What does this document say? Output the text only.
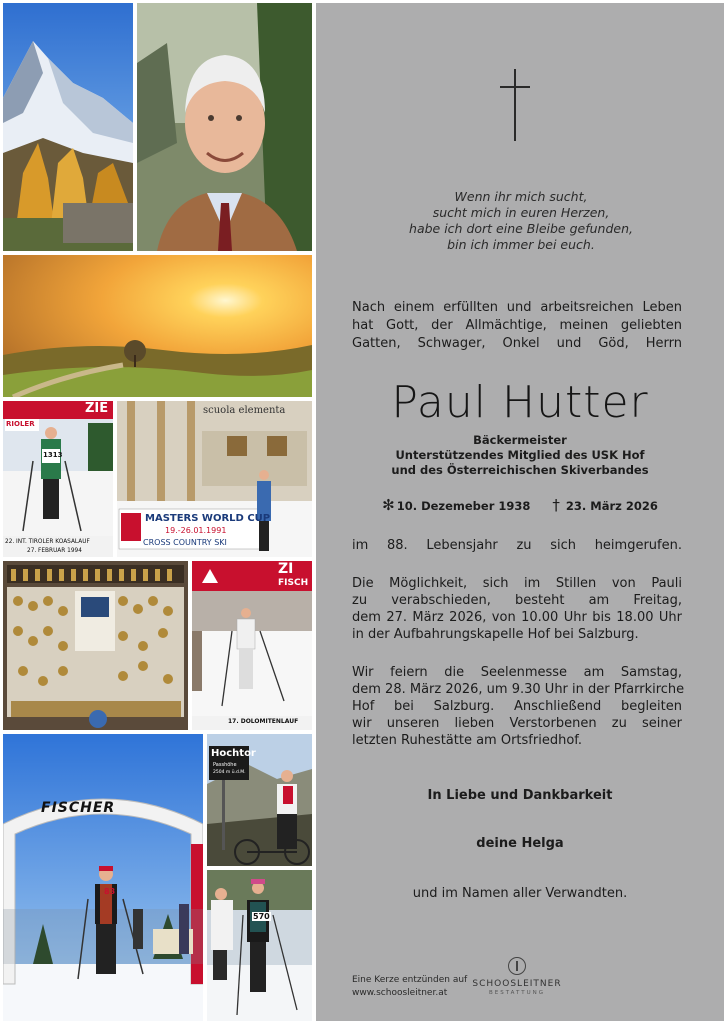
ZIE
RIOLER
1313
22. INT. TIROLER KOASALAUF
27. FEBRUAR 1994
scuola elementa
MASTERS WORLD CUP
19.-26.01.1991
CROSS COUNTRY SKI
ZI
FISCH
17. DOLOMITENLAUF
FISCHER
83
Hochtor
Passhöhe
2504 m ü.d.M.
570
Wenn ihr mich sucht,
sucht mich in euren Herzen,
habe ich dort eine Bleibe gefunden,
bin ich immer bei euch.
Nach einem erfüllten und arbeitsreichen Leben
hat Gott, der Allmächtige, meinen geliebten
Gatten, Schwager, Onkel und Göd, Herrn
Paul Hutter
Bäckermeister
Unterstützendes Mitglied des USK Hof
und des Österreichischen Skiverbandes
✻ 10. Dezemeber 1938 † 23. März 2026
im 88. Lebensjahr zu sich heimgerufen.
Die Möglichkeit, sich im Stillen von Pauli
zu verabschieden, besteht am Freitag,
dem 27. März 2026, von 10.00 Uhr bis 18.00 Uhr
in der Aufbahrungskapelle Hof bei Salzburg.
Wir feiern die Seelenmesse am Samstag,
dem 28. März 2026, um 9.30 Uhr in der Pfarrkirche
Hof bei Salzburg. Anschließend begleiten
wir unseren lieben Verstorbenen zu seiner
letzten Ruhestätte am Ortsfriedhof.
In Liebe und Dankbarkeit
deine Helga
und im Namen aller Verwandten.
Eine Kerze entzünden auf
www.schoosleitner.at
SCHOOSLEITNER
BESTATTUNG
